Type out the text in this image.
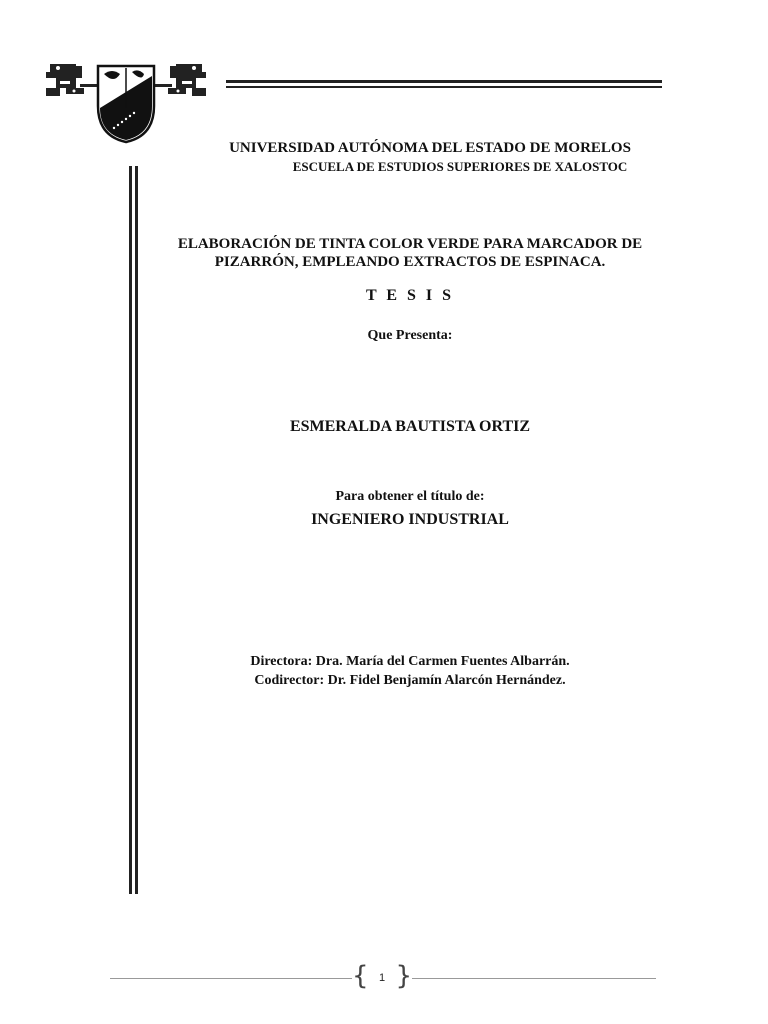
UNIVERSIDAD AUTÓNOMA DEL ESTADO DE MORELOS
ESCUELA DE ESTUDIOS SUPERIORES DE XALOSTOC
ELABORACIÓN DE TINTA COLOR VERDE PARA MARCADOR DE
PIZARRÓN, EMPLEANDO EXTRACTOS DE ESPINACA.
T E S I S
Que Presenta:
ESMERALDA BAUTISTA ORTIZ
Para obtener el título de:
INGENIERO INDUSTRIAL
Directora: Dra. María del Carmen Fuentes Albarrán.
Codirector: Dr. Fidel Benjamín Alarcón Hernández.
{ 1 }
